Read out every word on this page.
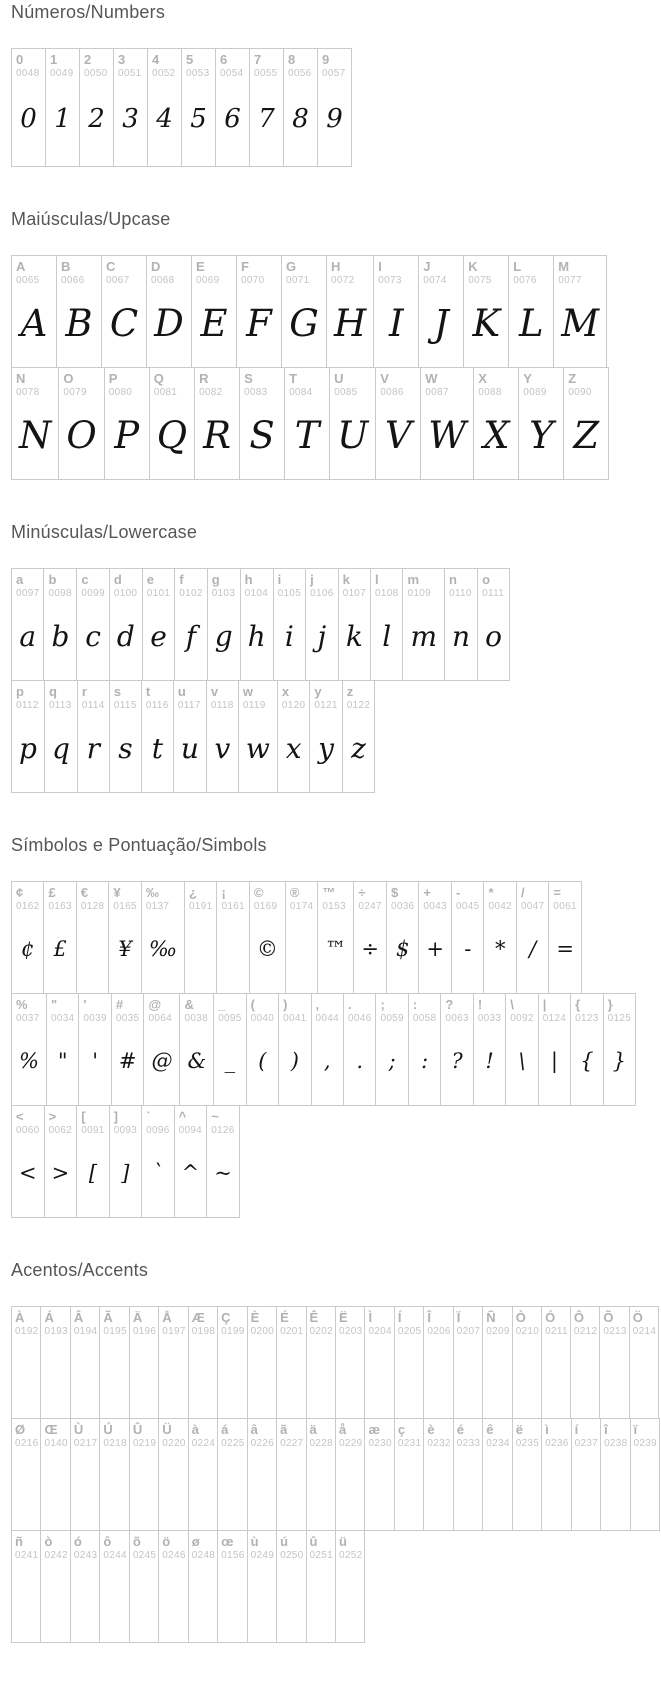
Números/Numbers
0
0048
0

1
0049
1

2
0050
2

3
0051
3

4
0052
4

5
0053
5

6
0054
6

7
0055
7

8
0056
8

9
0057
9
Maiúsculas/Upcase
A
0065
A

B
0066
B

C
0067
C

D
0068
D

E
0069
E

F
0070
F

G
0071
G

H
0072
H

I
0073
I

J
0074
J

K
0075
K

L
0076
L

M
0077
M
N
0078
N

O
0079
O

P
0080
P

Q
0081
Q

R
0082
R

S
0083
S

T
0084
T

U
0085
U

V
0086
V

W
0087
W

X
0088
X

Y
0089
Y

Z
0090
Z
Minúsculas/Lowercase
a
0097
a

b
0098
b

c
0099
c

d
0100
d

e
0101
e

f
0102
f

g
0103
g

h
0104
h

i
0105
i

j
0106
j

k
0107
k

l
0108
l

m
0109
m

n
0110
n

o
0111
o
p
0112
p

q
0113
q

r
0114
r

s
0115
s

t
0116
t

u
0117
u

v
0118
v

w
0119
w

x
0120
x

y
0121
y

z
0122
z
Símbolos e Pontuação/Simbols
¢
0162
¢

£
0163
£

€
0128

¥
0165
¥

‰
0137
‰

¿
0191

¡
0161

©
0169
©

®
0174

™
0153
™

÷
0247
÷

$
0036
$

+
0043
+

-
0045
-

*
0042
*

/
0047
/

=
0061
=
%
0037
%

"
0034
"

'
0039
'

#
0035
#

@
0064
@

&
0038
&

_
0095
_

(
0040
(

)
0041
)

,
0044
,

.
0046
.

;
0059
;

:
0058
:

?
0063
?

!
0033
!

\
0092
\

|
0124
|

{
0123
{

}
0125
}
<
0060
<

>
0062
>

[
0091
[

]
0093
]

`
0096
`

^
0094
^

~
0126
~
Acentos/Accents
À
0192

Á
0193

Â
0194

Ã
0195

Ä
0196

Å
0197

Æ
0198

Ç
0199

È
0200

É
0201

Ê
0202

Ë
0203

Ì
0204

Í
0205

Î
0206

Ï
0207

Ñ
0209

Ò
0210

Ó
0211

Ô
0212

Õ
0213

Ö
0214
Ø
0216

Œ
0140

Ù
0217

Ú
0218

Û
0219

Ü
0220

à
0224

á
0225

â
0226

ã
0227

ä
0228

å
0229

æ
0230

ç
0231

è
0232

é
0233

ê
0234

ë
0235

ì
0236

í
0237

î
0238

ï
0239
ñ
0241

ò
0242

ó
0243

ô
0244

õ
0245

ö
0246

ø
0248

œ
0156

ù
0249

ú
0250

û
0251

ü
0252
